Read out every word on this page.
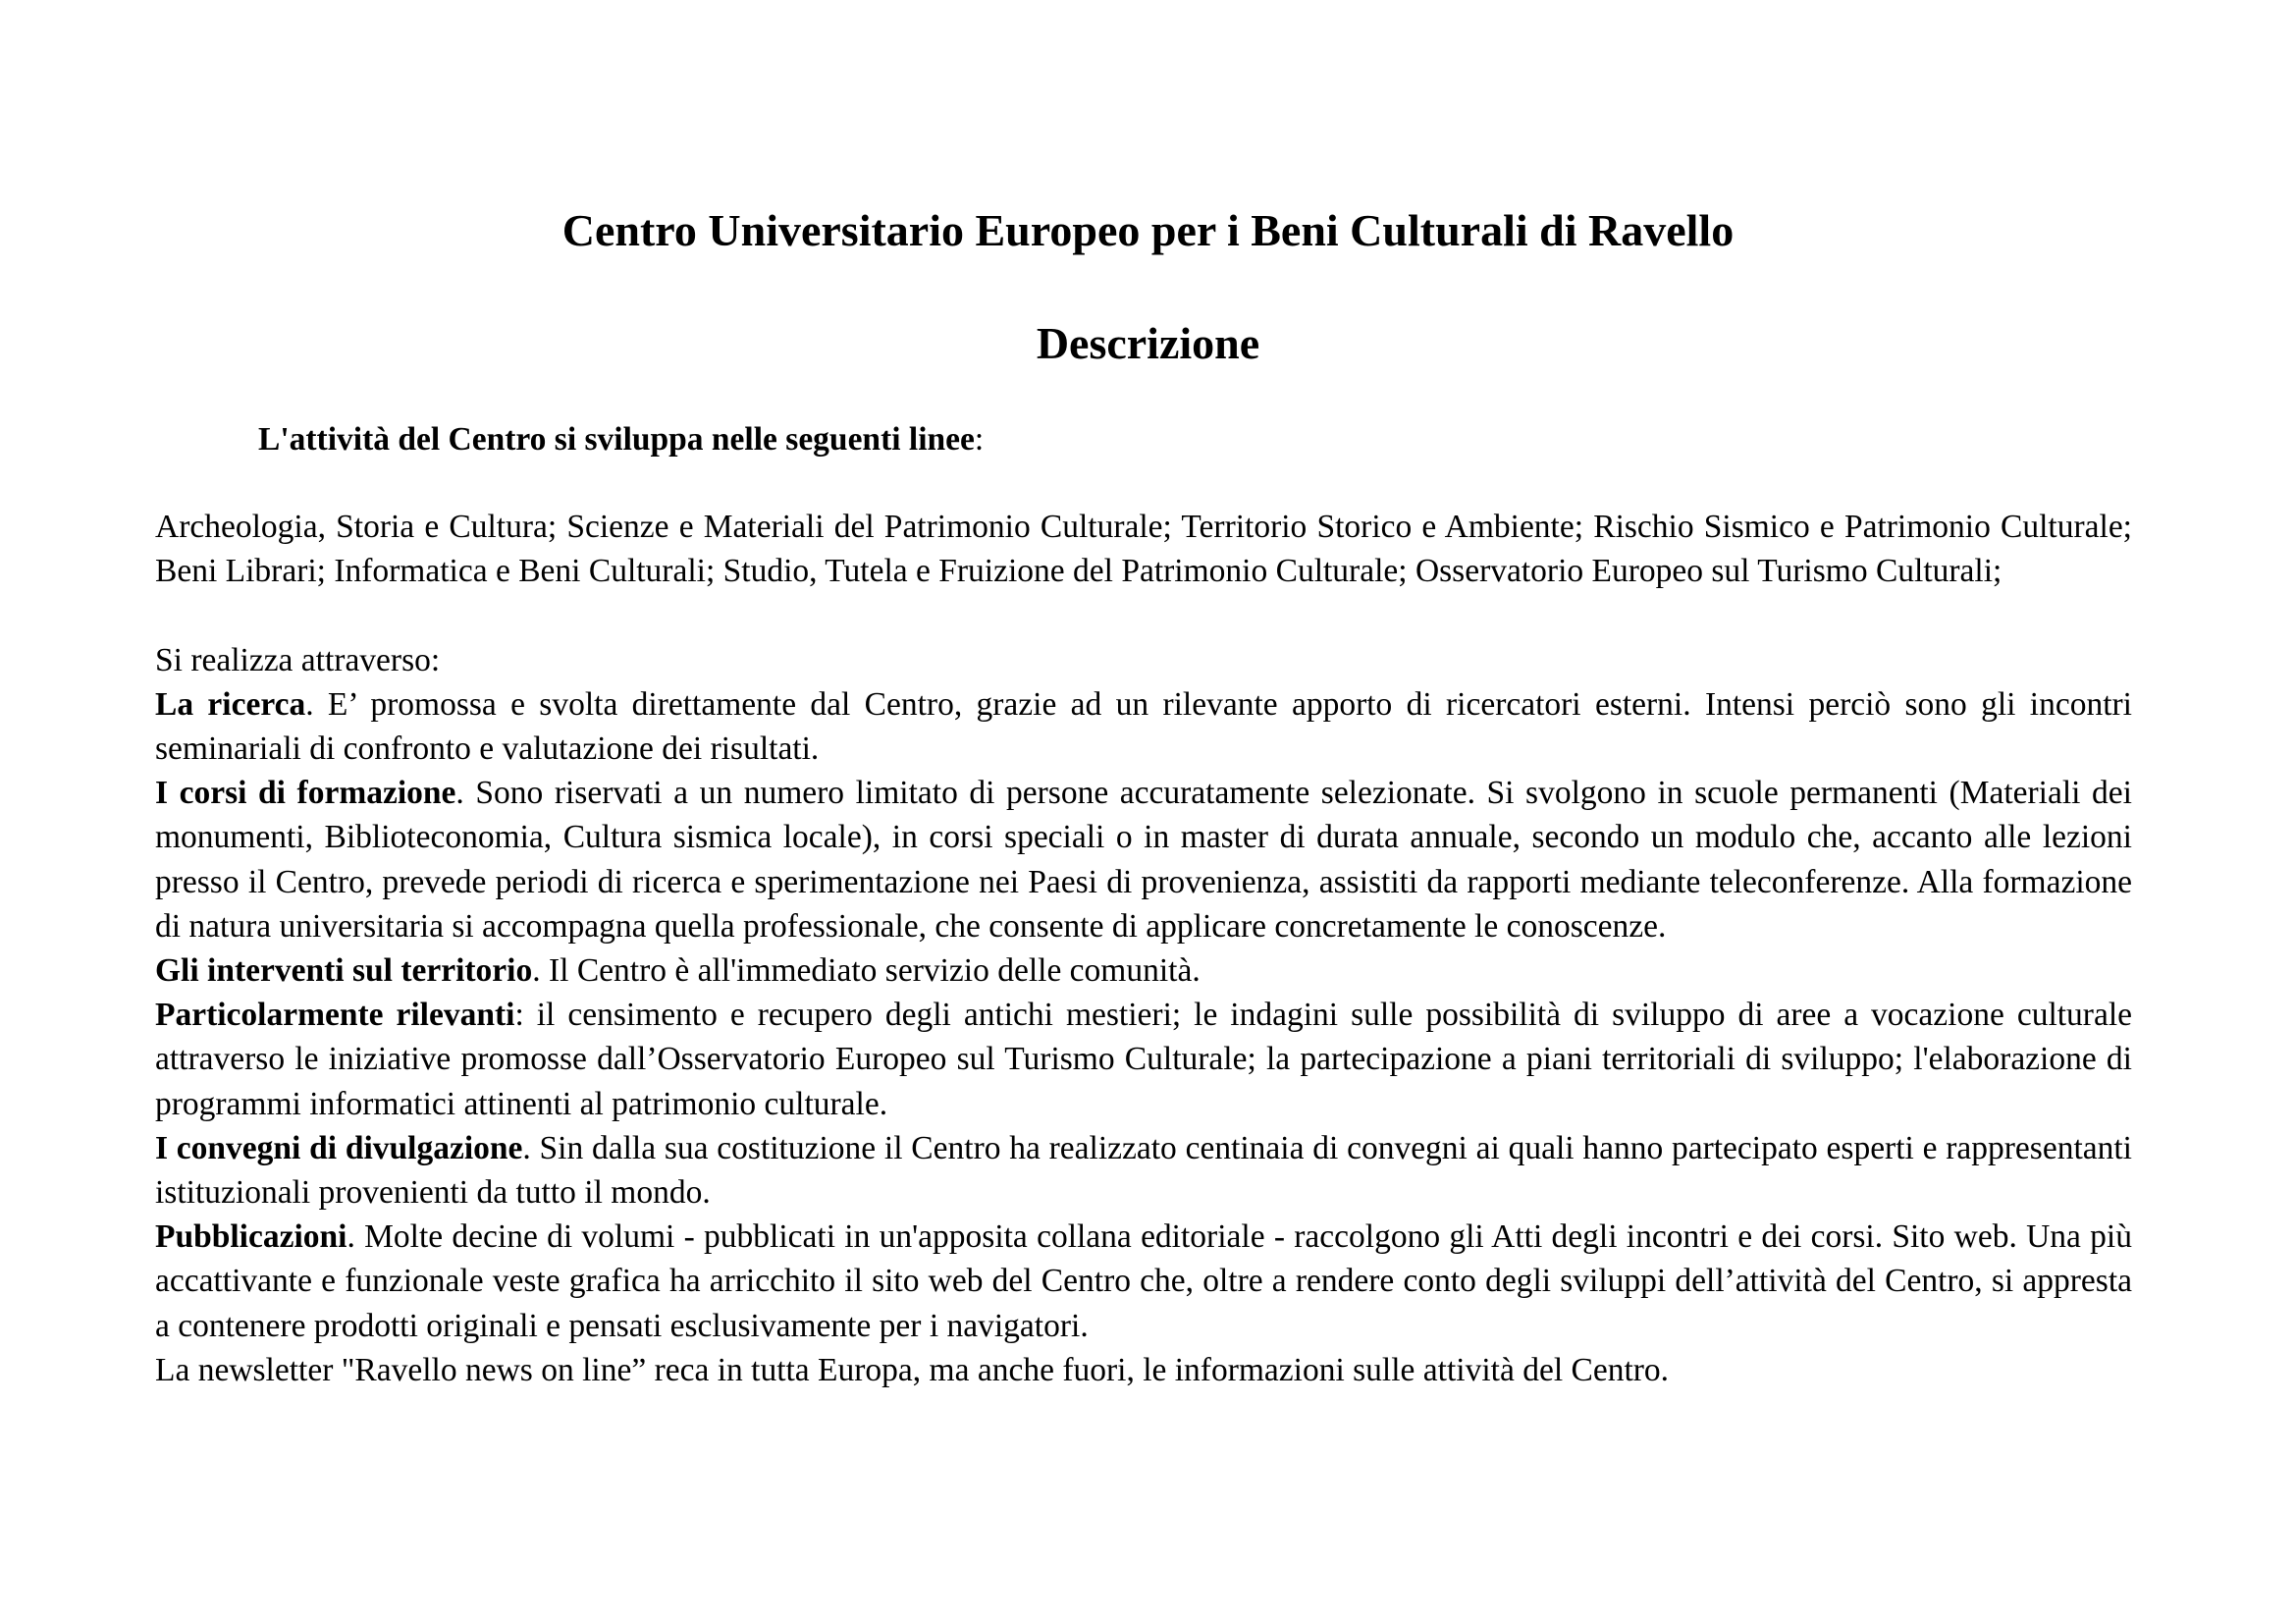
Centro Universitario Europeo per i Beni Culturali di Ravello
Descrizione
L'attività del Centro si sviluppa nelle seguenti linee:

Archeologia, Storia e Cultura; Scienze e Materiali del Patrimonio Culturale; Territorio Storico e Ambiente; Rischio Sismico e Patrimonio Culturale; Beni Librari; Informatica e Beni Culturali; Studio, Tutela e Fruizione del Patrimonio Culturale; Osservatorio Europeo sul Turismo Culturali;

Si realizza attraverso:

La ricerca. E’ promossa e svolta direttamente dal Centro, grazie ad un rilevante apporto di ricercatori esterni. Intensi perciò sono gli incontri seminariali di confronto e valutazione dei risultati.

I corsi di formazione. Sono riservati a un numero limitato di persone accuratamente selezionate. Si svolgono in scuole permanenti (Materiali dei monumenti, Biblioteconomia, Cultura sismica locale), in corsi speciali o in master di durata annuale, secondo un modulo che, accanto alle lezioni presso il Centro, prevede periodi di ricerca e sperimentazione nei Paesi di provenienza, assistiti da rapporti mediante teleconferenze. Alla formazione di natura universitaria si accompagna quella professionale, che consente di applicare concretamente le conoscenze.

Gli interventi sul territorio. Il Centro è all'immediato servizio delle comunità.

Particolarmente rilevanti: il censimento e recupero degli antichi mestieri; le indagini sulle possibilità di sviluppo di aree a vocazione culturale attraverso le iniziative promosse dall’Osservatorio Europeo sul Turismo Culturale; la partecipazione a piani territoriali di sviluppo; l'elaborazione di programmi informatici attinenti al patrimonio culturale.

I convegni di divulgazione. Sin dalla sua costituzione il Centro ha realizzato centinaia di convegni ai quali hanno partecipato esperti e rappresentanti istituzionali provenienti da tutto il mondo.

Pubblicazioni. Molte decine di volumi - pubblicati in un'apposita collana editoriale - raccolgono gli Atti degli incontri e dei corsi. Sito web. Una più accattivante e funzionale veste grafica ha arricchito il sito web del Centro che, oltre a rendere conto degli sviluppi dell’attività del Centro, si appresta a contenere prodotti originali e pensati esclusivamente per i navigatori.

La newsletter "Ravello news on line” reca in tutta Europa, ma anche fuori, le informazioni sulle attività del Centro.
